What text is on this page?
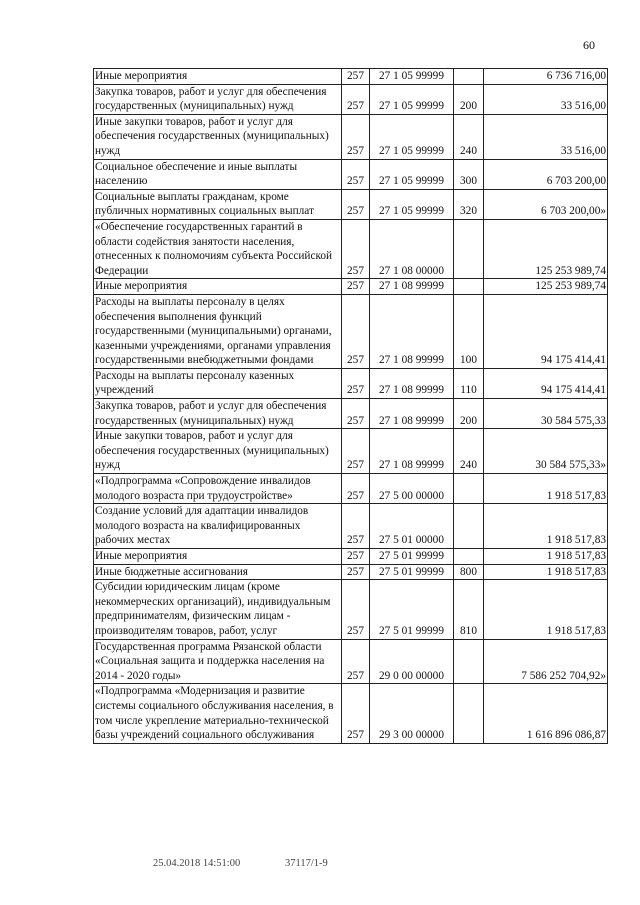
60
Иные мероприятия	257	27 1 05 99999		6 736 716,00
Закупка товаров, работ и услуг для обеспечения государственных (муниципальных) нужд	257	27 1 05 99999	200	33 516,00
Иные закупки товаров, работ и услуг для обеспечения государственных (муниципальных) нужд	257	27 1 05 99999	240	33 516,00
Социальное обеспечение и иные выплаты населению	257	27 1 05 99999	300	6 703 200,00
Социальные выплаты гражданам, кроме публичных нормативных социальных выплат	257	27 1 05 99999	320	6 703 200,00»
«Обеспечение государственных гарантий в области содействия занятости населения, отнесенных к полномочиям субъекта Российской Федерации	257	27 1 08 00000		125 253 989,74
Иные мероприятия	257	27 1 08 99999		125 253 989,74
Расходы на выплаты персоналу в целях обеспечения выполнения функций государственными (муниципальными) органами, казенными учреждениями, органами управления государственными внебюджетными фондами	257	27 1 08 99999	100	94 175 414,41
Расходы на выплаты персоналу казенных учреждений	257	27 1 08 99999	110	94 175 414,41
Закупка товаров, работ и услуг для обеспечения государственных (муниципальных) нужд	257	27 1 08 99999	200	30 584 575,33
Иные закупки товаров, работ и услуг для обеспечения государственных (муниципальных) нужд	257	27 1 08 99999	240	30 584 575,33»
«Подпрограмма «Сопровождение инвалидов молодого возраста при трудоустройстве»	257	27 5 00 00000		1 918 517,83
Создание условий для адаптации инвалидов молодого возраста на квалифицированных рабочих местах	257	27 5 01 00000		1 918 517,83
Иные мероприятия	257	27 5 01 99999		1 918 517,83
Иные бюджетные ассигнования	257	27 5 01 99999	800	1 918 517,83
Субсидии юридическим лицам (кроме некоммерческих организаций), индивидуальным предпринимателям, физическим лицам - производителям товаров, работ, услуг	257	27 5 01 99999	810	1 918 517,83
Государственная программа Рязанской области «Социальная защита и поддержка населения на 2014 - 2020 годы»	257	29 0 00 00000		7 586 252 704,92»
«Подпрограмма «Модернизация и развитие системы социального обслуживания населения, в том числе укрепление материально-технической базы учреждений социального обслуживания	257	29 3 00 00000		1 616 896 086,87
25.04.2018 14:51:00	37117/1-9
